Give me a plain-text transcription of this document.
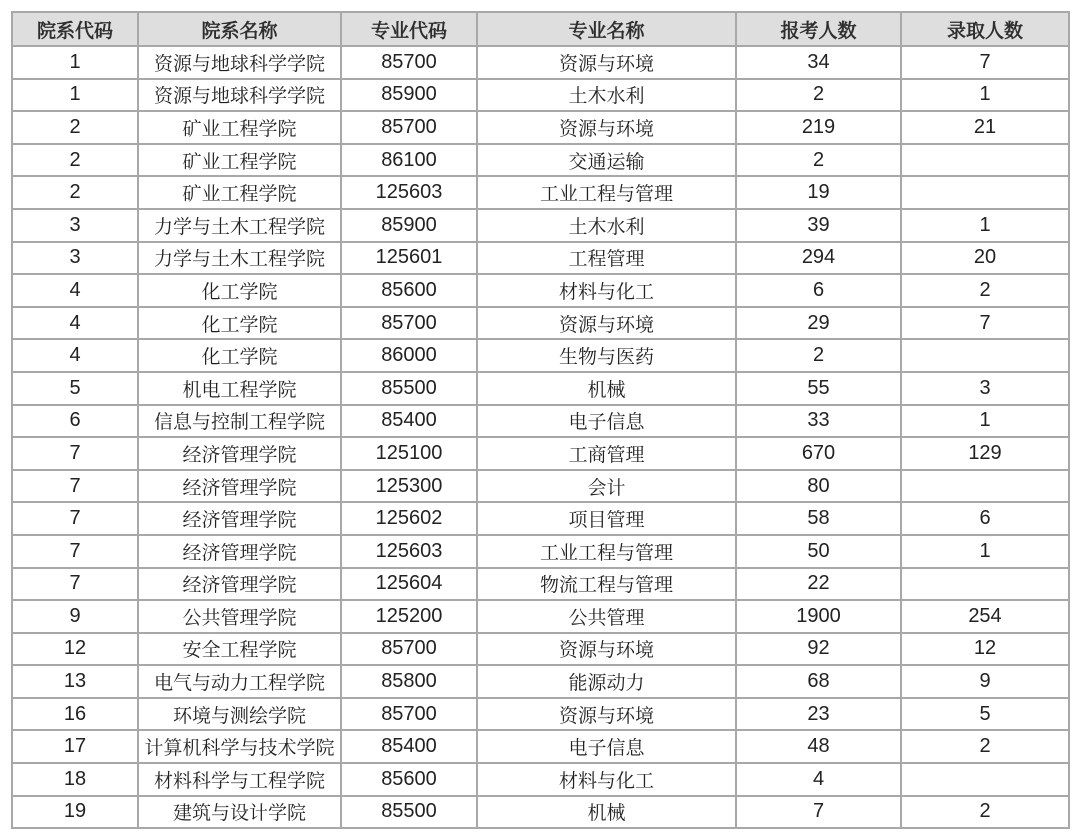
院系代码	院系名称	专业代码	专业名称	报考人数	录取人数
1	资源与地球科学学院	85700	资源与环境	34	7
1	资源与地球科学学院	85900	土木水利	2	1
2	矿业工程学院	85700	资源与环境	219	21
2	矿业工程学院	86100	交通运输	2	
2	矿业工程学院	125603	工业工程与管理	19	
3	力学与土木工程学院	85900	土木水利	39	1
3	力学与土木工程学院	125601	工程管理	294	20
4	化工学院	85600	材料与化工	6	2
4	化工学院	85700	资源与环境	29	7
4	化工学院	86000	生物与医药	2	
5	机电工程学院	85500	机械	55	3
6	信息与控制工程学院	85400	电子信息	33	1
7	经济管理学院	125100	工商管理	670	129
7	经济管理学院	125300	会计	80	
7	经济管理学院	125602	项目管理	58	6
7	经济管理学院	125603	工业工程与管理	50	1
7	经济管理学院	125604	物流工程与管理	22	
9	公共管理学院	125200	公共管理	1900	254
12	安全工程学院	85700	资源与环境	92	12
13	电气与动力工程学院	85800	能源动力	68	9
16	环境与测绘学院	85700	资源与环境	23	5
17	计算机科学与技术学院	85400	电子信息	48	2
18	材料科学与工程学院	85600	材料与化工	4	
19	建筑与设计学院	85500	机械	7	2
